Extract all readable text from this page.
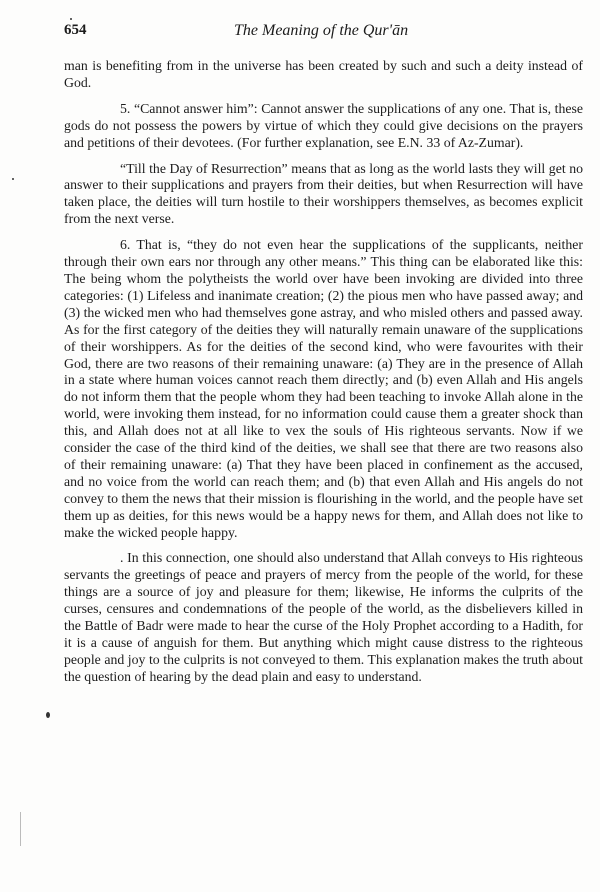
654	The Meaning of the Qur'ān

man is benefiting from in the universe has been created by such and such a deity instead of God.

5. “Cannot answer him”: Cannot answer the supplications of any one. That is, these gods do not possess the powers by virtue of which they could give decisions on the prayers and petitions of their devotees. (For further explanation, see E.N. 33 of Az-Zumar).

“Till the Day of Resurrection” means that as long as the world lasts they will get no answer to their supplications and prayers from their deities, but when Resurrection will have taken place, the deities will turn hostile to their worshippers themselves, as becomes explicit from the next verse.

6. That is, “they do not even hear the supplications of the supplicants, neither through their own ears nor through any other means.” This thing can be elaborated like this: The being whom the polytheists the world over have been invoking are divided into three categories: (1) Lifeless and inanimate creation; (2) the pious men who have passed away; and (3) the wicked men who had themselves gone astray, and who misled others and passed away. As for the first category of the deities they will naturally remain unaware of the supplications of their worshippers. As for the deities of the second kind, who were favourites with their God, there are two reasons of their remaining unaware: (a) They are in the presence of Allah in a state where human voices cannot reach them directly; and (b) even Allah and His angels do not inform them that the people whom they had been teaching to invoke Allah alone in the world, were invoking them instead, for no information could cause them a greater shock than this, and Allah does not at all like to vex the souls of His righteous servants. Now if we consider the case of the third kind of the deities, we shall see that there are two reasons also of their remaining unaware: (a) That they have been placed in confinement as the accused, and no voice from the world can reach them; and (b) that even Allah and His angels do not convey to them the news that their mission is flourishing in the world, and the people have set them up as deities, for this news would be a happy news for them, and Allah does not like to make the wicked people happy.

. In this connection, one should also understand that Allah conveys to His righteous servants the greetings of peace and prayers of mercy from the people of the world, for these things are a source of joy and pleasure for them; likewise, He informs the culprits of the curses, censures and condemnations of the people of the world, as the disbelievers killed in the Battle of Badr were made to hear the curse of the Holy Prophet according to a Hadith, for it is a cause of anguish for them. But anything which might cause distress to the righteous people and joy to the culprits is not conveyed to them. This explanation makes the truth about the question of hearing by the dead plain and easy to understand.
